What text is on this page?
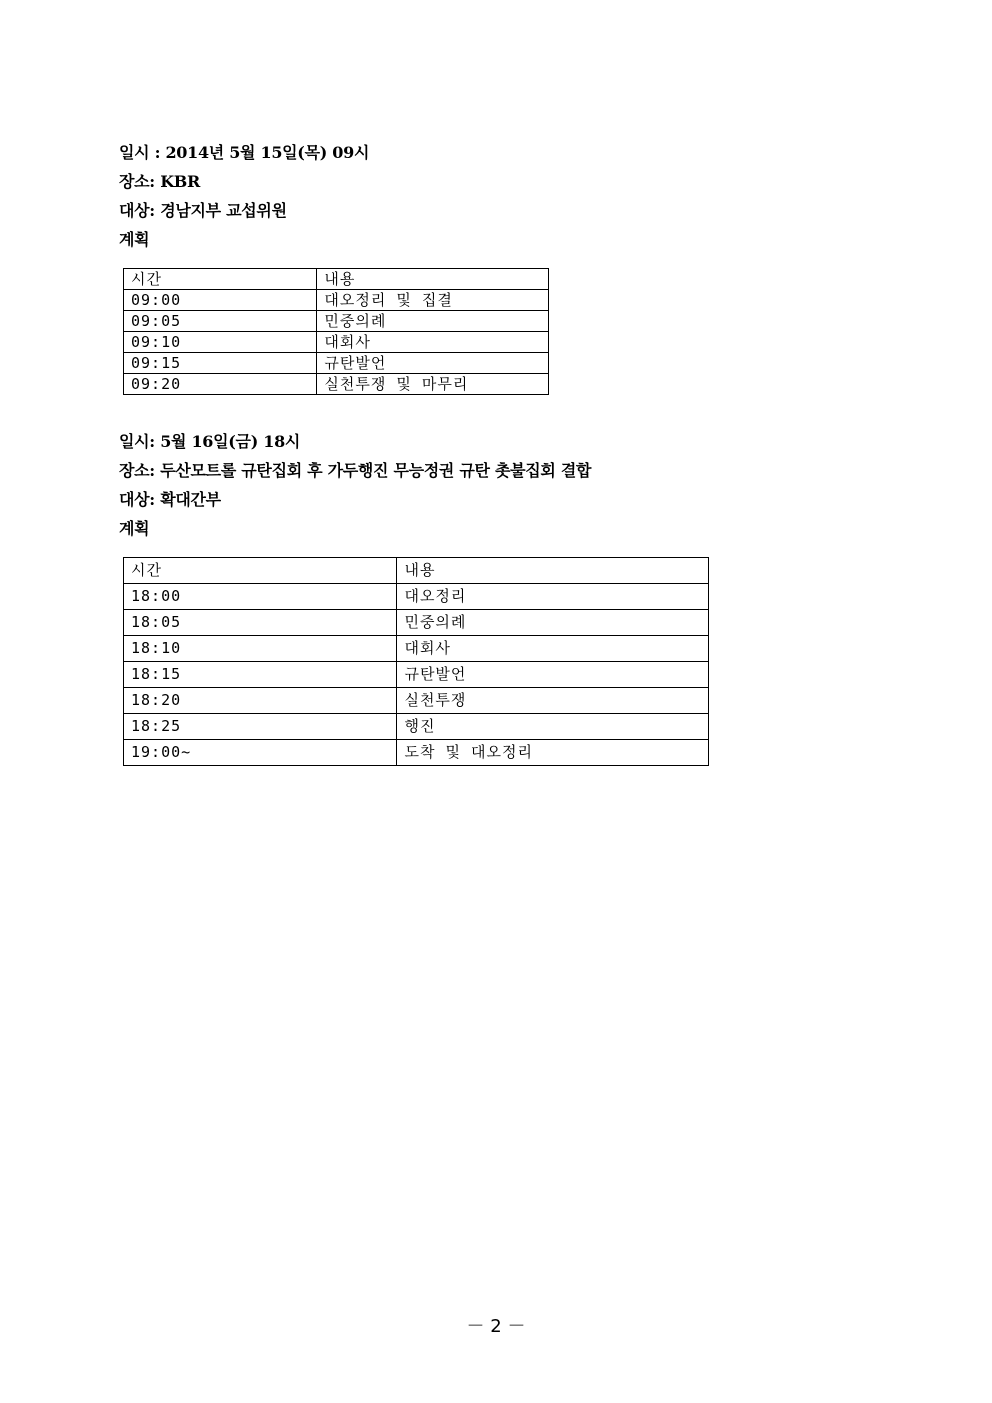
일시 : 2014년 5월 15일(목) 09시
장소: KBR
대상: 경남지부 교섭위원
계획
시간	내용
09:00	대오정리 및 집결
09:05	민중의례
09:10	대회사
09:15	규탄발언
09:20	실천투쟁 및 마무리
일시: 5월 16일(금) 18시
장소: 두산모트롤 규탄집회 후 가두행진 무능정권 규탄 촛불집회 결합
대상: 확대간부
계획
시간	내용
18:00	대오정리
18:05	민중의례
18:10	대회사
18:15	규탄발언
18:20	실천투쟁
18:25	행진
19:00~	도착 및 대오정리
－ 2 －
